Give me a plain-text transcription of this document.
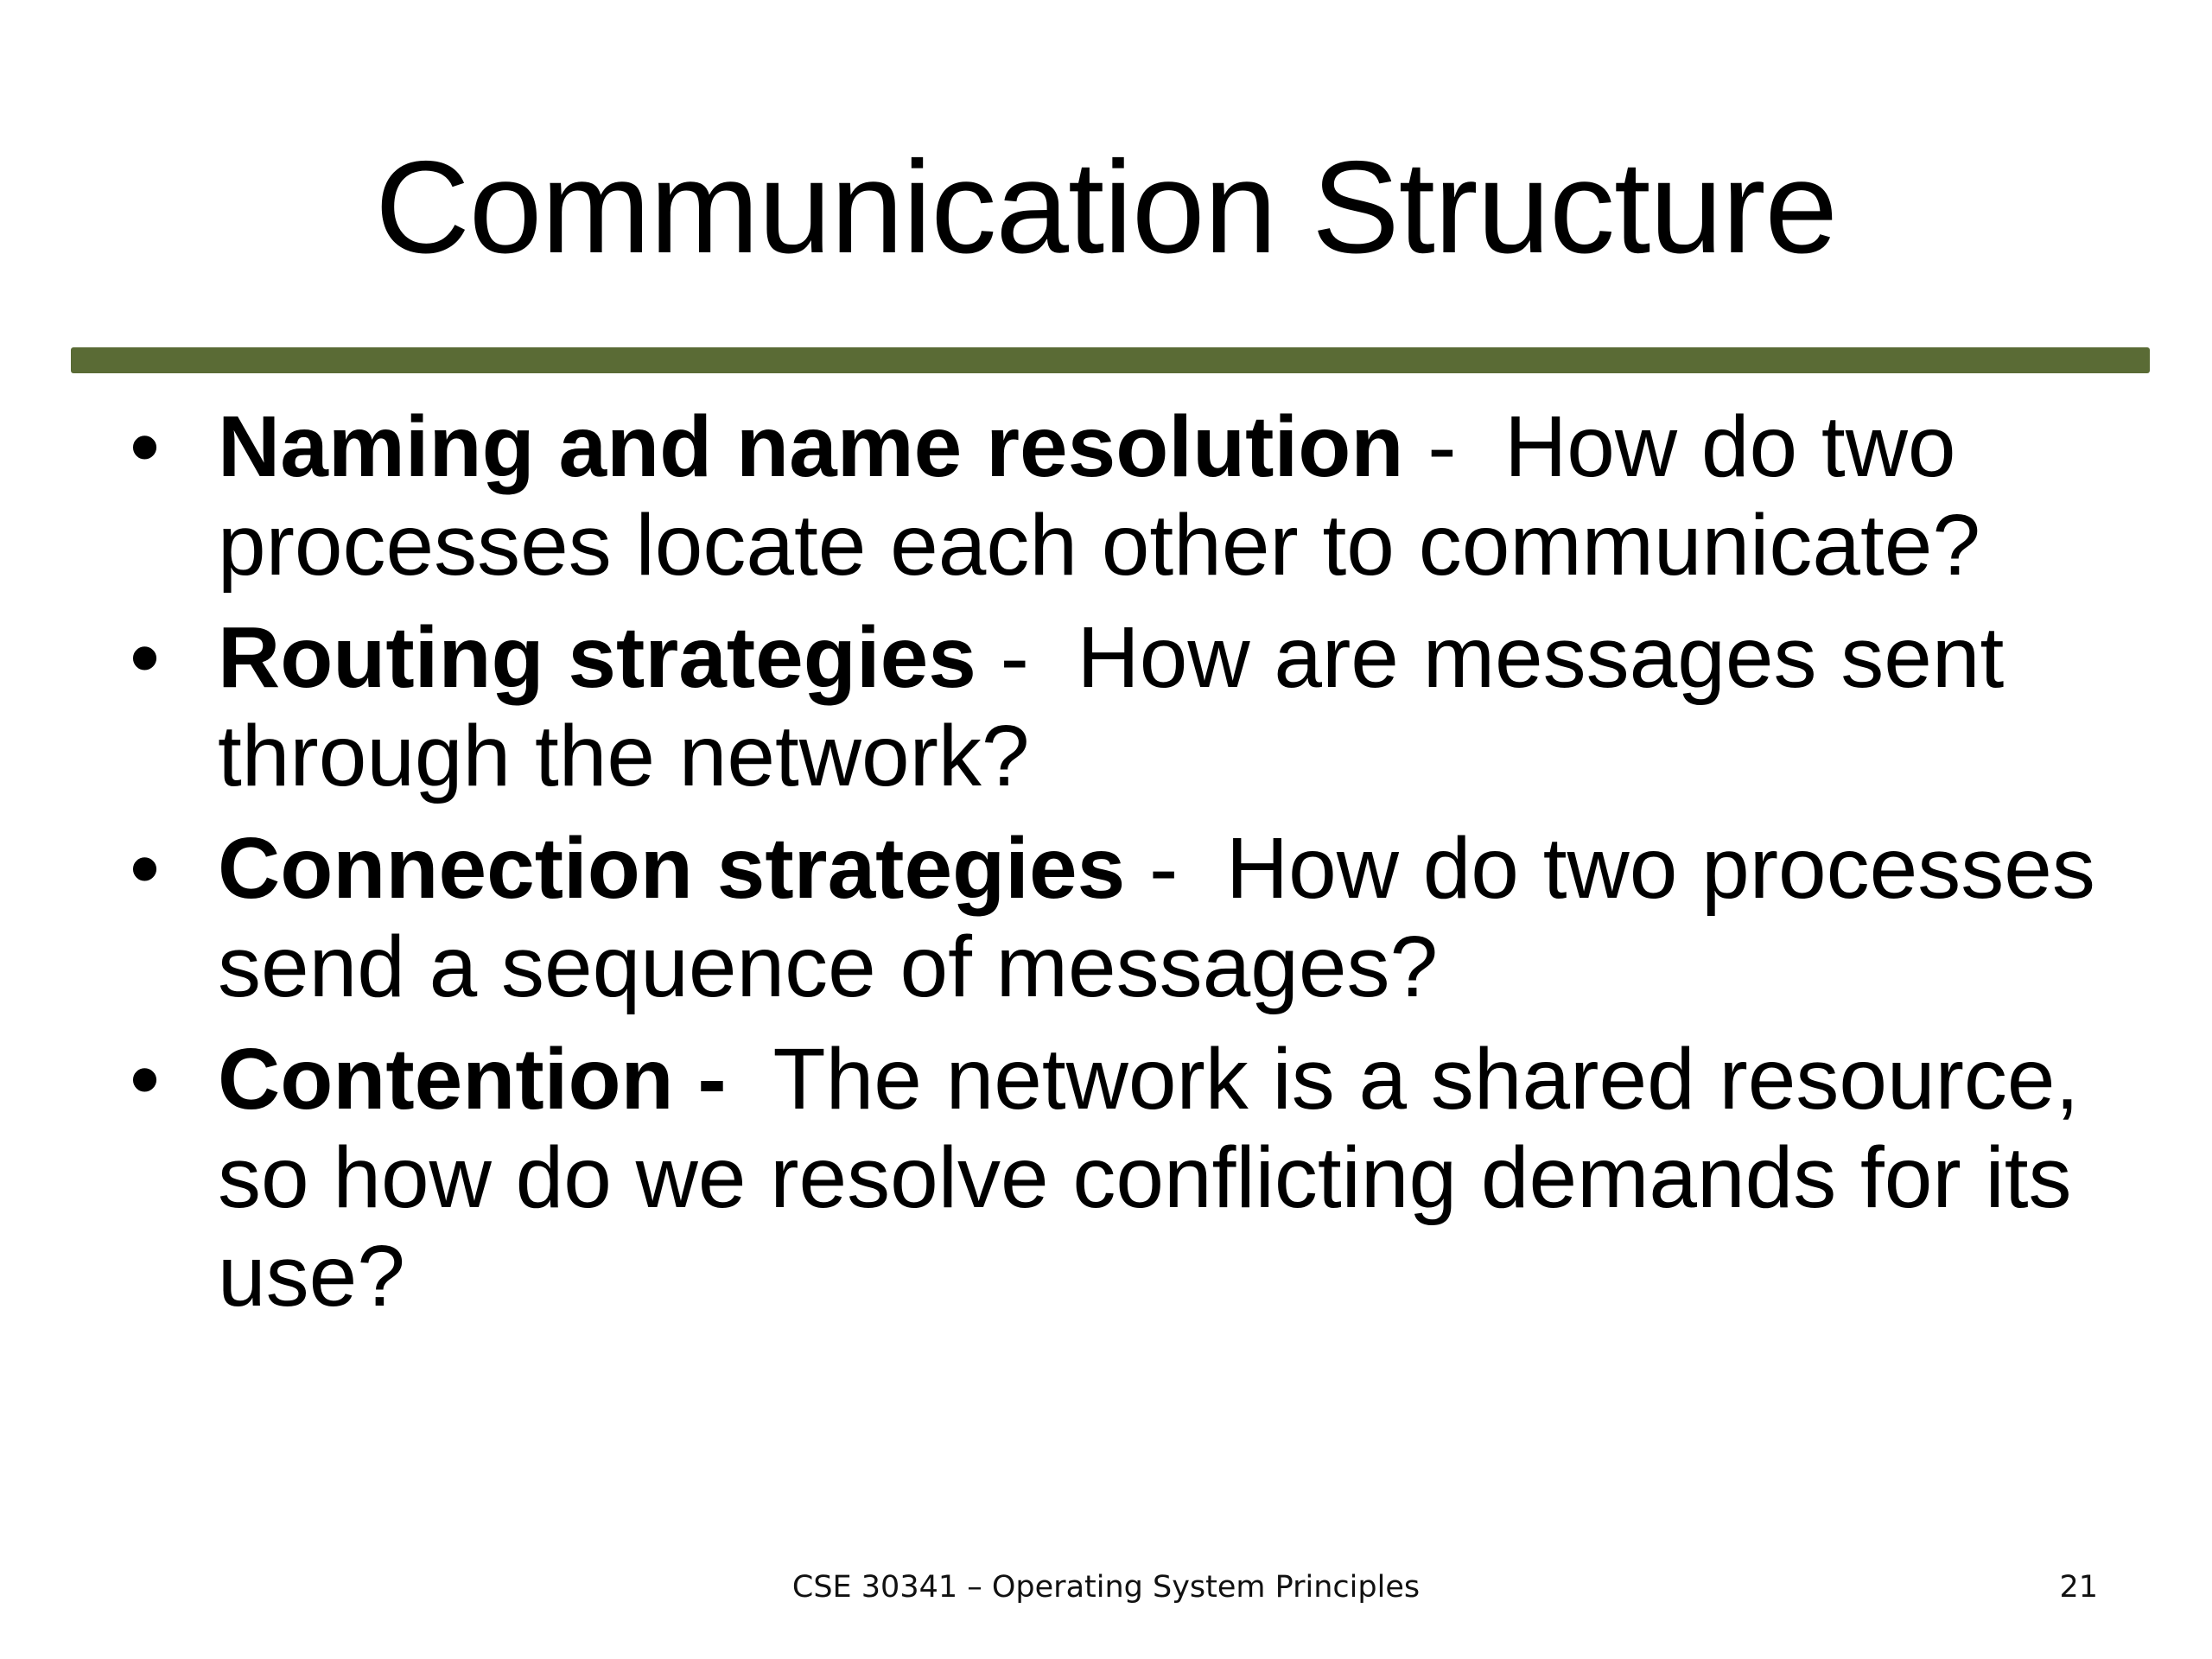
Communication Structure
• Naming and name resolution -  How do two processes locate each other to communicate?
• Routing strategies -  How are messages sent through the network?
• Connection strategies -  How do two processes send a sequence of messages?
• Contention - The network is a shared resource, so how do we resolve conflicting demands for its use?
CSE 30341 – Operating System Principles	21
